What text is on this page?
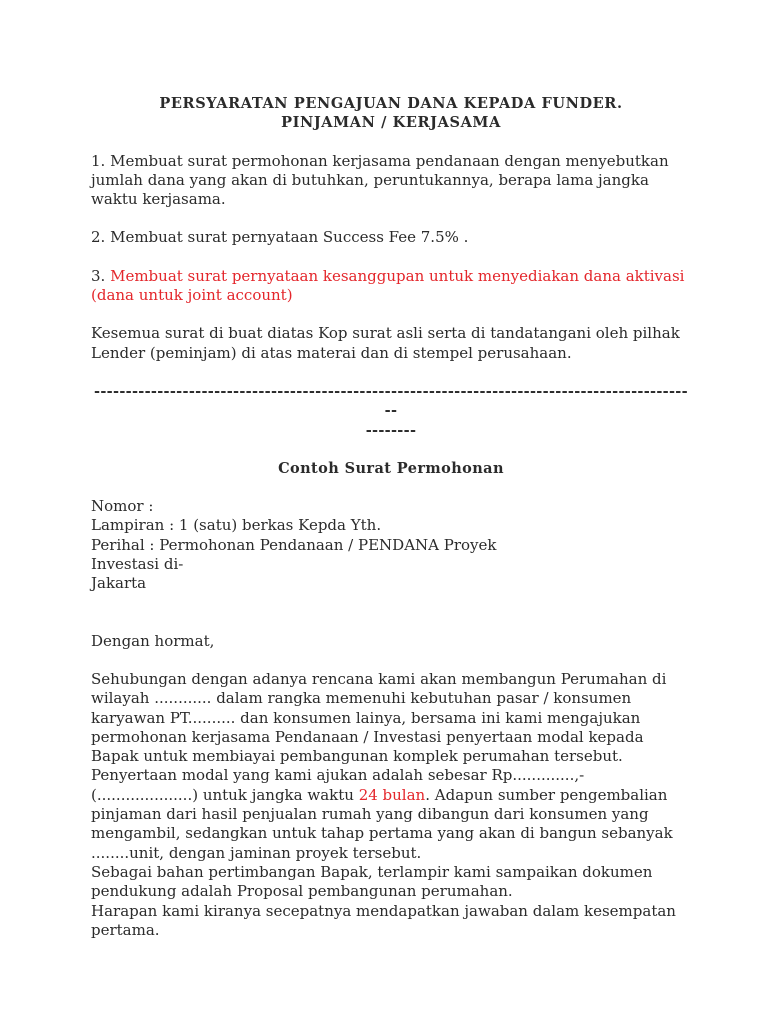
PERSYARATAN PENGAJUAN DANA KEPADA FUNDER.
PINJAMAN / KERJASAMA

1. Membuat surat permohonan kerjasama pendanaan dengan menyebutkan jumlah dana yang akan di butuhkan, peruntukannya, berapa lama jangka waktu kerjasama.

2. Membuat surat pernyataan Success Fee 7.5% .

3. Membuat surat pernyataan kesanggupan untuk menyediakan dana aktivasi (dana untuk joint account)

Kesemua surat di buat diatas Kop surat asli serta di tandatangani oleh pilhak Lender (peminjam) di atas materai dan di stempel perusahaan.

------------------------------------------------------------------------------------------------
--------
Contoh Surat Permohonan
Nomor :
Lampiran : 1 (satu) berkas Kepda Yth.
Perihal : Permohonan Pendanaan / PENDANA Proyek
Investasi di-
Jakarta

Dengan hormat,

Sehubungan dengan adanya rencana kami akan membangun Perumahan di wilayah ............ dalam rangka memenuhi kebutuhan pasar / konsumen karyawan PT.......... dan konsumen lainya, bersama ini kami mengajukan permohonan kerjasama Pendanaan / Investasi penyertaan modal kepada Bapak untuk membiayai pembangunan komplek perumahan tersebut.

Penyertaan modal yang kami ajukan adalah sebesar Rp.............,- (....................) untuk jangka waktu 24 bulan. Adapun sumber pengembalian pinjaman dari hasil penjualan rumah yang dibangun dari konsumen yang mengambil, sedangkan untuk tahap pertama yang akan di bangun sebanyak ........unit, dengan jaminan proyek tersebut.

Sebagai bahan pertimbangan Bapak, terlampir kami sampaikan dokumen pendukung adalah Proposal pembangunan perumahan.

Harapan kami kiranya secepatnya mendapatkan jawaban dalam kesempatan pertama.
